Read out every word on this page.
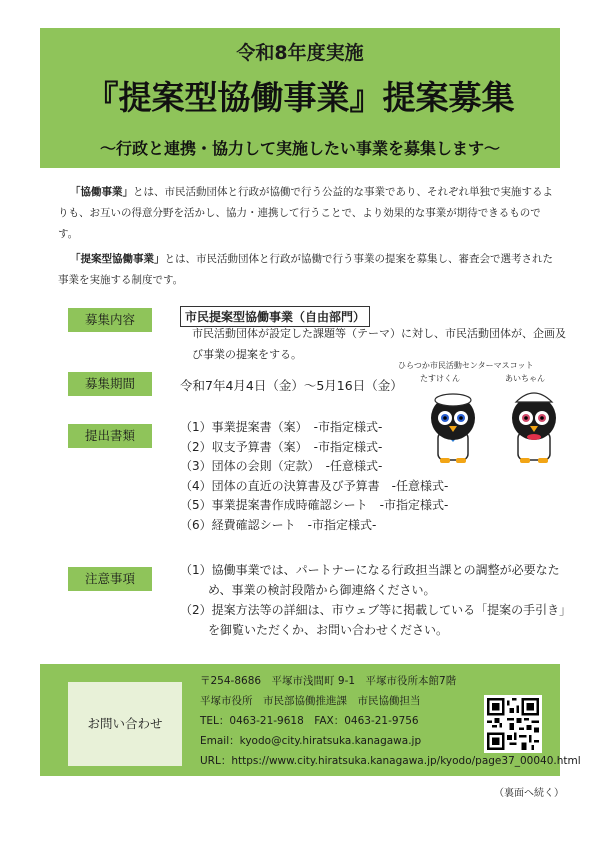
令和8年度実施
『提案型協働事業』提案募集
～行政と連携・協力して実施したい事業を募集します～

「協働事業」とは、市民活動団体と行政が協働で行う公益的な事業であり、それぞれ単独で実施するよりも、お互いの得意分野を活かし、協力・連携して行うことで、より効果的な事業が期待できるものです。

「提案型協働事業」とは、市民活動団体と行政が協働で行う事業の提案を募集し、審査会で選考された事業を実施する制度です。

募集内容	市民提案型協働事業（自由部門）
市民活動団体が設定した課題等（テーマ）に対し、市民活動団体が、企画及び事業の提案をする。
募集期間	令和7年4月4日（金）～5月16日（金）
提出書類
（1）事業提案書（案）　-市指定様式-
（2）収支予算書（案）　-市指定様式-
（3）団体の会則（定款）　-任意様式-
（4）団体の直近の決算書及び予算書　-任意様式-
（5）事業提案書作成時確認シート　-市指定様式-
（6）経費確認シート　-市指定様式-
ひらつか市民活動センターマスコット
たすけくん	あいちゃん
注意事項
（1）協働事業では、パートナーになる行政担当課との調整が必要なため、事業の検討段階から御連絡ください。
（2）提案方法等の詳細は、市ウェブ等に掲載している「提案の手引き」を御覧いただくか、お問い合わせください。
お問い合わせ
〒254-8686　平塚市浅間町 9-1　平塚市役所本館7階
平塚市役所　市民部協働推進課　市民協働担当
TEL：0463-21-9618　FAX：0463-21-9756
Email：kyodo@city.hiratsuka.kanagawa.jp
URL：https://www.city.hiratsuka.kanagawa.jp/kyodo/page37_00040.html
（裏面へ続く）
